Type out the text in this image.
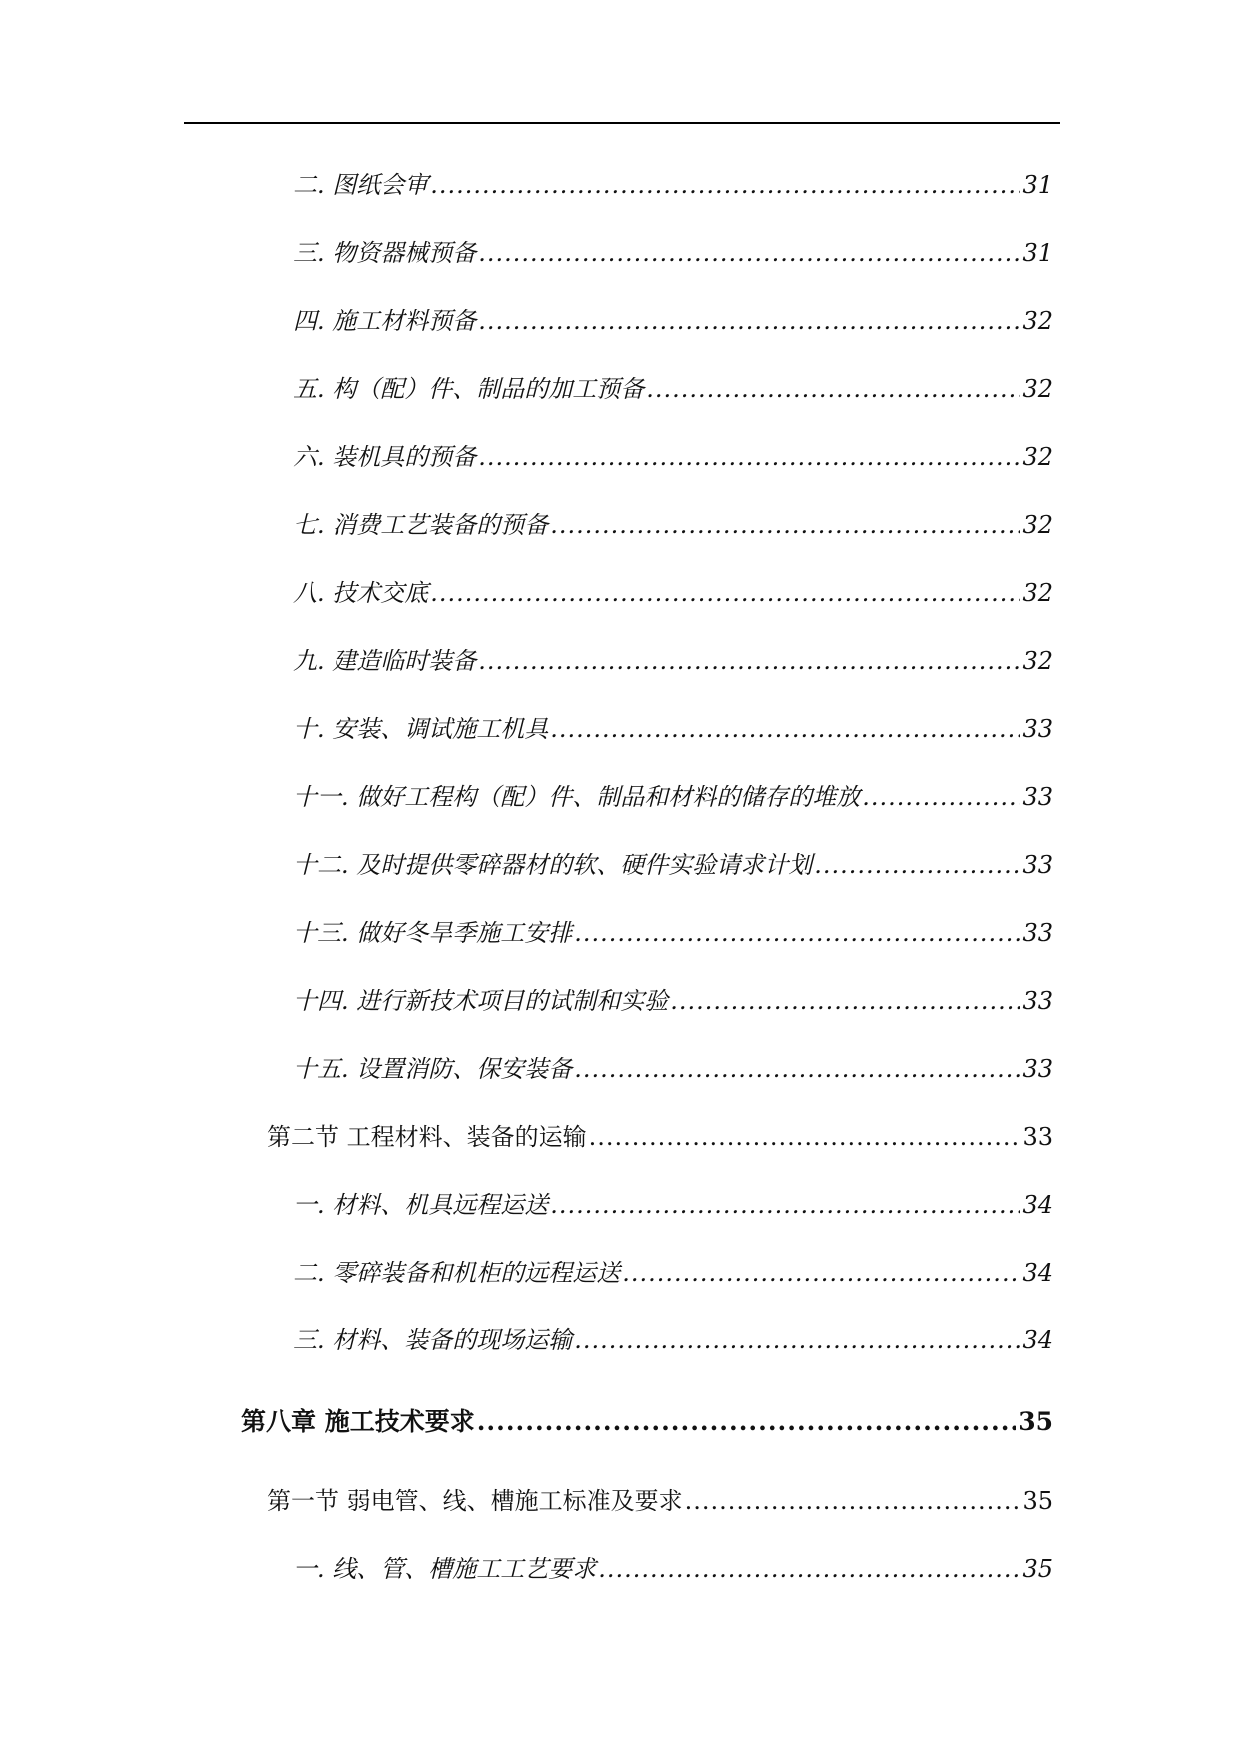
二. 图纸会审 .....	31
三. 物资器械预备 .....	31
四. 施工材料预备 .....	32
五. 构（配）件、制品的加工预备 .....	32
六. 装机具的预备 .....	32
七. 消费工艺装备的预备 .....	32
八. 技术交底 .....	32
九. 建造临时装备 .....	32
十. 安装、调试施工机具 .....	33
十一. 做好工程构（配）件、制品和材料的储存的堆放 .....	33
十二. 及时提供零碎器材的软、硬件实验请求计划 .....	33
十三. 做好冬旱季施工安排 .....	33
十四. 进行新技术项目的试制和实验 .....	33
十五. 设置消防、保安装备 .....	33
第二节 工程材料、装备的运输 .....	33
一. 材料、机具远程运送 .....	34
二. 零碎装备和机柜的远程运送 .....	34
三. 材料、装备的现场运输 .....	34
第八章 施工技术要求 .....	35
第一节 弱电管、线、槽施工标准及要求 .....	35
一. 线、管、槽施工工艺要求 .....	35
